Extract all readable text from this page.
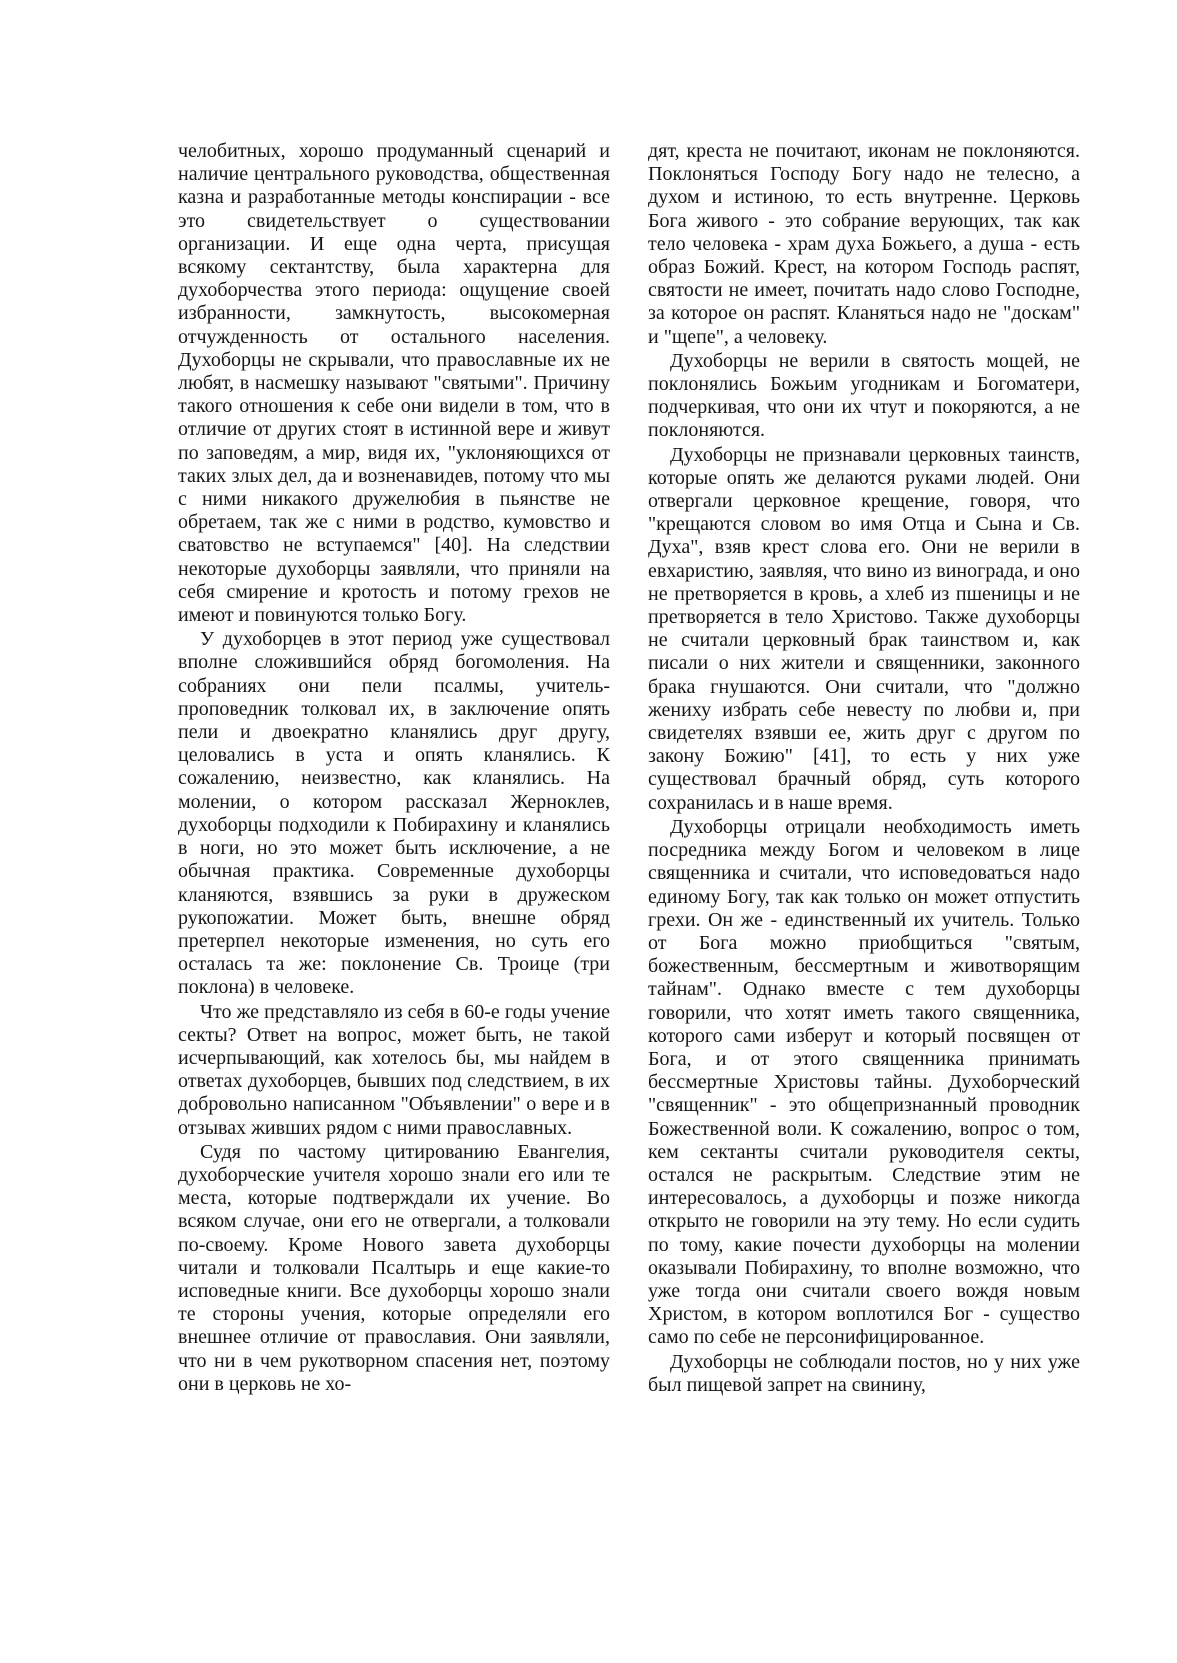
челобитных, хорошо продуманный сценарий и наличие центрального руководства, общественная казна и разработанные методы конспирации - все это свидетельствует о существовании организации. И еще одна черта, присущая всякому сектантству, была характерна для духоборчества этого периода: ощущение своей избранности, замкнутость, высокомерная отчужденность от остального населения. Духоборцы не скрывали, что православные их не любят, в насмешку называют "святыми". Причину такого отношения к себе они видели в том, что в отличие от других стоят в истинной вере и живут по заповедям, а мир, видя их, "уклоняющихся от таких злых дел, да и возненавидев, потому что мы с ними никакого дружелюбия в пьянстве не обретаем, так же с ними в родство, кумовство и сватовство не вступаемся" [40]. На следствии некоторые духоборцы заявляли, что приняли на себя смирение и кротость и потому грехов не имеют и повинуются только Богу.

У духоборцев в этот период уже существовал вполне сложившийся обряд богомоления. На собраниях они пели псалмы, учитель-проповедник толковал их, в заключение опять пели и двоекратно кланялись друг другу, целовались в уста и опять кланялись. К сожалению, неизвестно, как кланялись. На молении, о котором рассказал Жерноклев, духоборцы подходили к Побирахину и кланялись в ноги, но это может быть исключение, а не обычная практика. Современные духоборцы кланяются, взявшись за руки в дружеском рукопожатии. Может быть, внешне обряд претерпел некоторые изменения, но суть его осталась та же: поклонение Св. Троице (три поклона) в человеке.

Что же представляло из себя в 60-е годы учение секты? Ответ на вопрос, может быть, не такой исчерпывающий, как хотелось бы, мы найдем в ответах духоборцев, бывших под следствием, в их добровольно написанном "Объявлении" о вере и в отзывах живших рядом с ними православных.

Судя по частому цитированию Евангелия, духоборческие учителя хорошо знали его или те места, которые подтверждали их учение. Во всяком случае, они его не отвергали, а толковали по-своему. Кроме Нового завета духоборцы читали и толковали Псалтырь и еще какие-то исповедные книги. Все духоборцы хорошо знали те стороны учения, которые определяли его внешнее отличие от православия. Они заявляли, что ни в чем рукотворном спасения нет, поэтому они в церковь не хо-

дят, креста не почитают, иконам не поклоняются. Поклоняться Господу Богу надо не телесно, а духом и истиною, то есть внутренне. Церковь Бога живого - это собрание верующих, так как тело человека - храм духа Божьего, а душа - есть образ Божий. Крест, на котором Господь распят, святости не имеет, почитать надо слово Господне, за которое он распят. Кланяться надо не "доскам" и "щепе", а человеку.

Духоборцы не верили в святость мощей, не поклонялись Божьим угодникам и Богоматери, подчеркивая, что они их чтут и покоряются, а не поклоняются.

Духоборцы не признавали церковных таинств, которые опять же делаются руками людей. Они отвергали церковное крещение, говоря, что "крещаются словом во имя Отца и Сына и Св. Духа", взяв крест слова его. Они не верили в евхаристию, заявляя, что вино из винограда, и оно не претворяется в кровь, а хлеб из пшеницы и не претворяется в тело Христово. Также духоборцы не считали церковный брак таинством и, как писали о них жители и священники, законного брака гнушаются. Они считали, что "должно жениху избрать себе невесту по любви и, при свидетелях взявши ее, жить друг с другом по закону Божию" [41], то есть у них уже существовал брачный обряд, суть которого сохранилась и в наше время.

Духоборцы отрицали необходимость иметь посредника между Богом и человеком в лице священника и считали, что исповедоваться надо единому Богу, так как только он может отпустить грехи. Он же - единственный их учитель. Только от Бога можно приобщиться "святым, божественным, бессмертным и животворящим тайнам". Однако вместе с тем духоборцы говорили, что хотят иметь такого священника, которого сами изберут и который посвящен от Бога, и от этого священника принимать бессмертные Христовы тайны. Духоборческий "священник" - это общепризнанный проводник Божественной воли. К сожалению, вопрос о том, кем сектанты считали руководителя секты, остался не раскрытым. Следствие этим не интересовалось, а духоборцы и позже никогда открыто не говорили на эту тему. Но если судить по тому, какие почести духоборцы на молении оказывали Побирахину, то вполне возможно, что уже тогда они считали своего вождя новым Христом, в котором воплотился Бог - существо само по себе не персонифицированное.

Духоборцы не соблюдали постов, но у них уже был пищевой запрет на свинину,
